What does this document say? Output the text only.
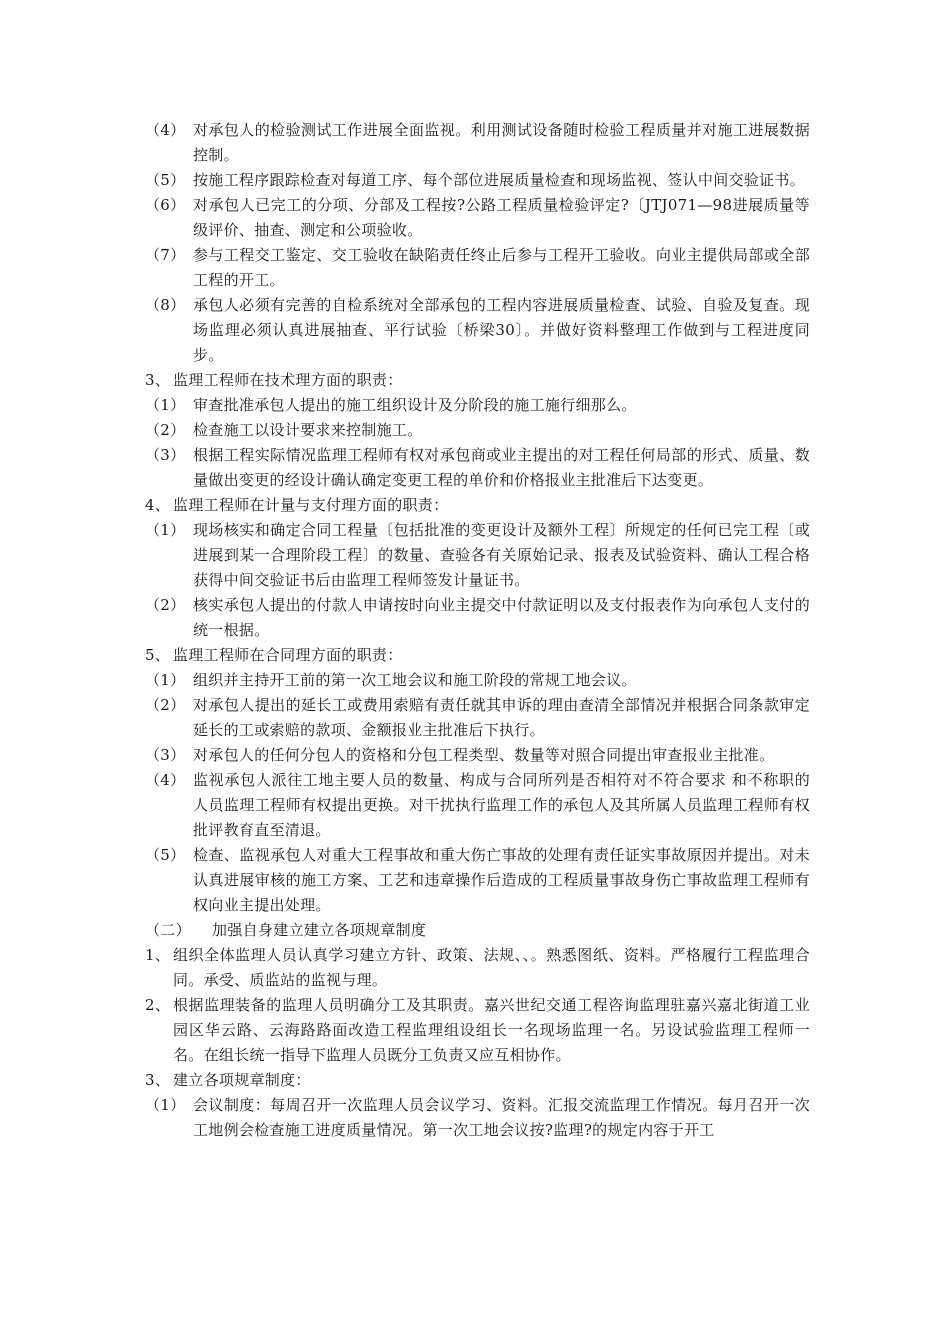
（4） 对承包人的检验测试工作进展全面监视。利用测试设备随时检验工程质量并对施工进展数据控制。
（5） 按施工程序跟踪检查对每道工序、每个部位进展质量检查和现场监视、签认中间交验证书。
（6） 对承包人已完工的分项、分部及工程按?公路工程质量检验评定?〔JTJ071—98进展质量等级评价、抽查、测定和公项验收。
（7） 参与工程交工鉴定、交工验收在缺陷责任终止后参与工程开工验收。向业主提供局部或全部工程的开工。
（8） 承包人必须有完善的自检系统对全部承包的工程内容进展质量检查、试验、自验及复查。现场监理必须认真进展抽查、平行试验〔桥梁30〕。并做好资料整理工作做到与工程进度同步。
3、 监理工程师在技术理方面的职责：
（1） 审查批准承包人提出的施工组织设计及分阶段的施工施行细那么。
（2） 检查施工以设计要求来控制施工。
（3） 根据工程实际情况监理工程师有权对承包商或业主提出的对工程任何局部的形式、质量、数量做出变更的经设计确认确定变更工程的单价和价格报业主批准后下达变更。
4、 监理工程师在计量与支付理方面的职责：
（1） 现场核实和确定合同工程量〔包括批准的变更设计及额外工程〕所规定的任何已完工程〔或进展到某一合理阶段工程〕的数量、查验各有关原始记录、报表及试验资料、确认工程合格获得中间交验证书后由监理工程师签发计量证书。
（2） 核实承包人提出的付款人申请按时向业主提交中付款证明以及支付报表作为向承包人支付的统一根据。
5、 监理工程师在合同理方面的职责：
（1） 组织并主持开工前的第一次工地会议和施工阶段的常规工地会议。
（2） 对承包人提出的延长工或费用索赔有责任就其申诉的理由查清全部情况并根据合同条款审定延长的工或索赔的款项、金额报业主批准后下执行。
（3） 对承包人的任何分包人的资格和分包工程类型、数量等对照合同提出审查报业主批准。
（4） 监视承包人派往工地主要人员的数量、构成与合同所列是否相符对不符合要求 和不称职的人员监理工程师有权提出更换。对干扰执行监理工作的承包人及其所属人员监理工程师有权批评教育直至清退。
（5） 检查、监视承包人对重大工程事故和重大伤亡事故的处理有责任证实事故原因并提出。对未认真进展审核的施工方案、工艺和违章操作后造成的工程质量事故身伤亡事故监理工程师有权向业主提出处理。
（二）	加强自身建立建立各项规章制度
1、 组织全体监理人员认真学习建立方针、政策、法规、、。熟悉图纸、资料。严格履行工程监理合同。承受、质监站的监视与理。
2、 根据监理装备的监理人员明确分工及其职责。嘉兴世纪交通工程咨询监理驻嘉兴嘉北街道工业园区华云路、云海路路面改造工程监理组设组长一名现场监理一名。另设试验监理工程师一名。在组长统一指导下监理人员既分工负责又应互相协作。
3、 建立各项规章制度：
（1） 会议制度：每周召开一次监理人员会议学习、资料。汇报交流监理工作情况。每月召开一次工地例会检查施工进度质量情况。第一次工地会议按?监理?的规定内容于开工
